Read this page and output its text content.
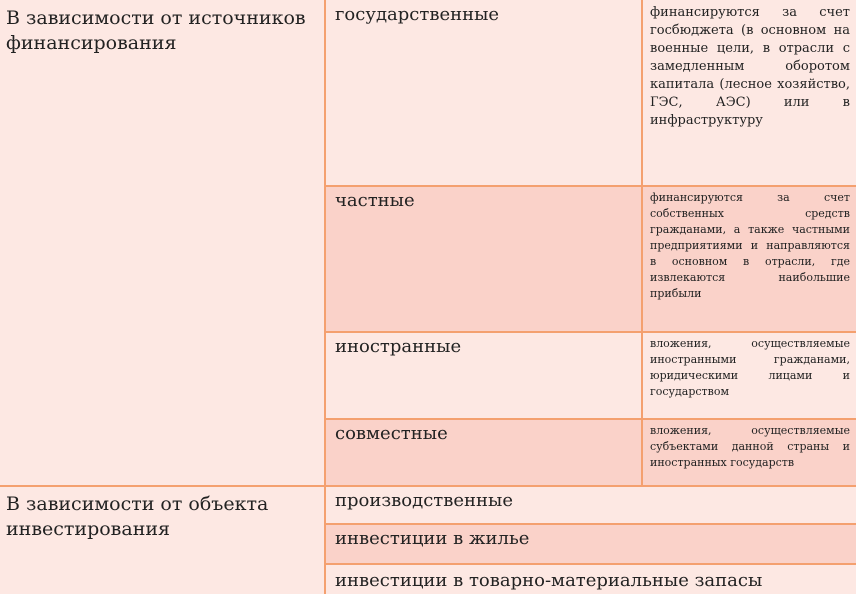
В зависимости от источников финансирования
государственные	финансируются за счет госбюджета (в основном на военные цели, в отрасли с замедленным оборотом капитала (лесное хозяйство, ГЭС, АЭС) или в инфраструктуру
частные	финансируются за счет собственных средств гражданами, а также частными предприятиями и направляются в основном в отрасли, где извлекаются наибольшие прибыли
иностранные	вложения, осуществляемые иностранными гражданами, юридическими лицами и государством
совместные	вложения, осуществляемые субъектами данной страны и иностранных государств
В зависимости от объекта инвестирования
производственные
инвестиции в жилье
инвестиции в товарно-материальные запасы
